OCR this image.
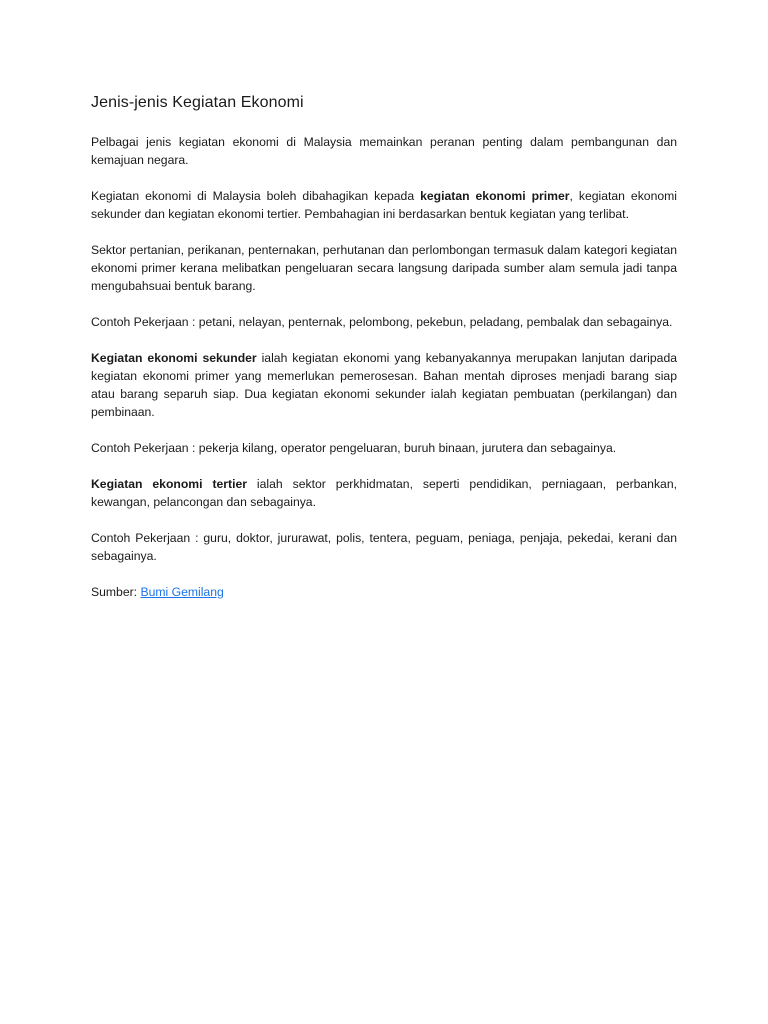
Jenis-jenis Kegiatan Ekonomi

Pelbagai jenis kegiatan ekonomi di Malaysia memainkan peranan penting dalam pembangunan dan kemajuan negara.

Kegiatan ekonomi di Malaysia boleh dibahagikan kepada kegiatan ekonomi primer, kegiatan ekonomi sekunder dan kegiatan ekonomi tertier. Pembahagian ini berdasarkan bentuk kegiatan yang terlibat.

Sektor pertanian, perikanan, penternakan, perhutanan dan perlombongan termasuk dalam kategori kegiatan ekonomi primer kerana melibatkan pengeluaran secara langsung daripada sumber alam semula jadi tanpa mengubahsuai bentuk barang.

Contoh Pekerjaan : petani, nelayan, penternak, pelombong, pekebun, peladang, pembalak dan sebagainya.

Kegiatan ekonomi sekunder ialah kegiatan ekonomi yang kebanyakannya merupakan lanjutan daripada kegiatan ekonomi primer yang memerlukan pemerosesan. Bahan mentah diproses menjadi barang siap atau barang separuh siap. Dua kegiatan ekonomi sekunder ialah kegiatan pembuatan (perkilangan) dan pembinaan.

Contoh Pekerjaan : pekerja kilang, operator pengeluaran, buruh binaan, jurutera dan sebagainya.

Kegiatan ekonomi tertier ialah sektor perkhidmatan, seperti pendidikan, perniagaan, perbankan, kewangan, pelancongan dan sebagainya.

Contoh Pekerjaan : guru, doktor, jururawat, polis, tentera, peguam, peniaga, penjaja, pekedai, kerani dan sebagainya.

Sumber: Bumi Gemilang
